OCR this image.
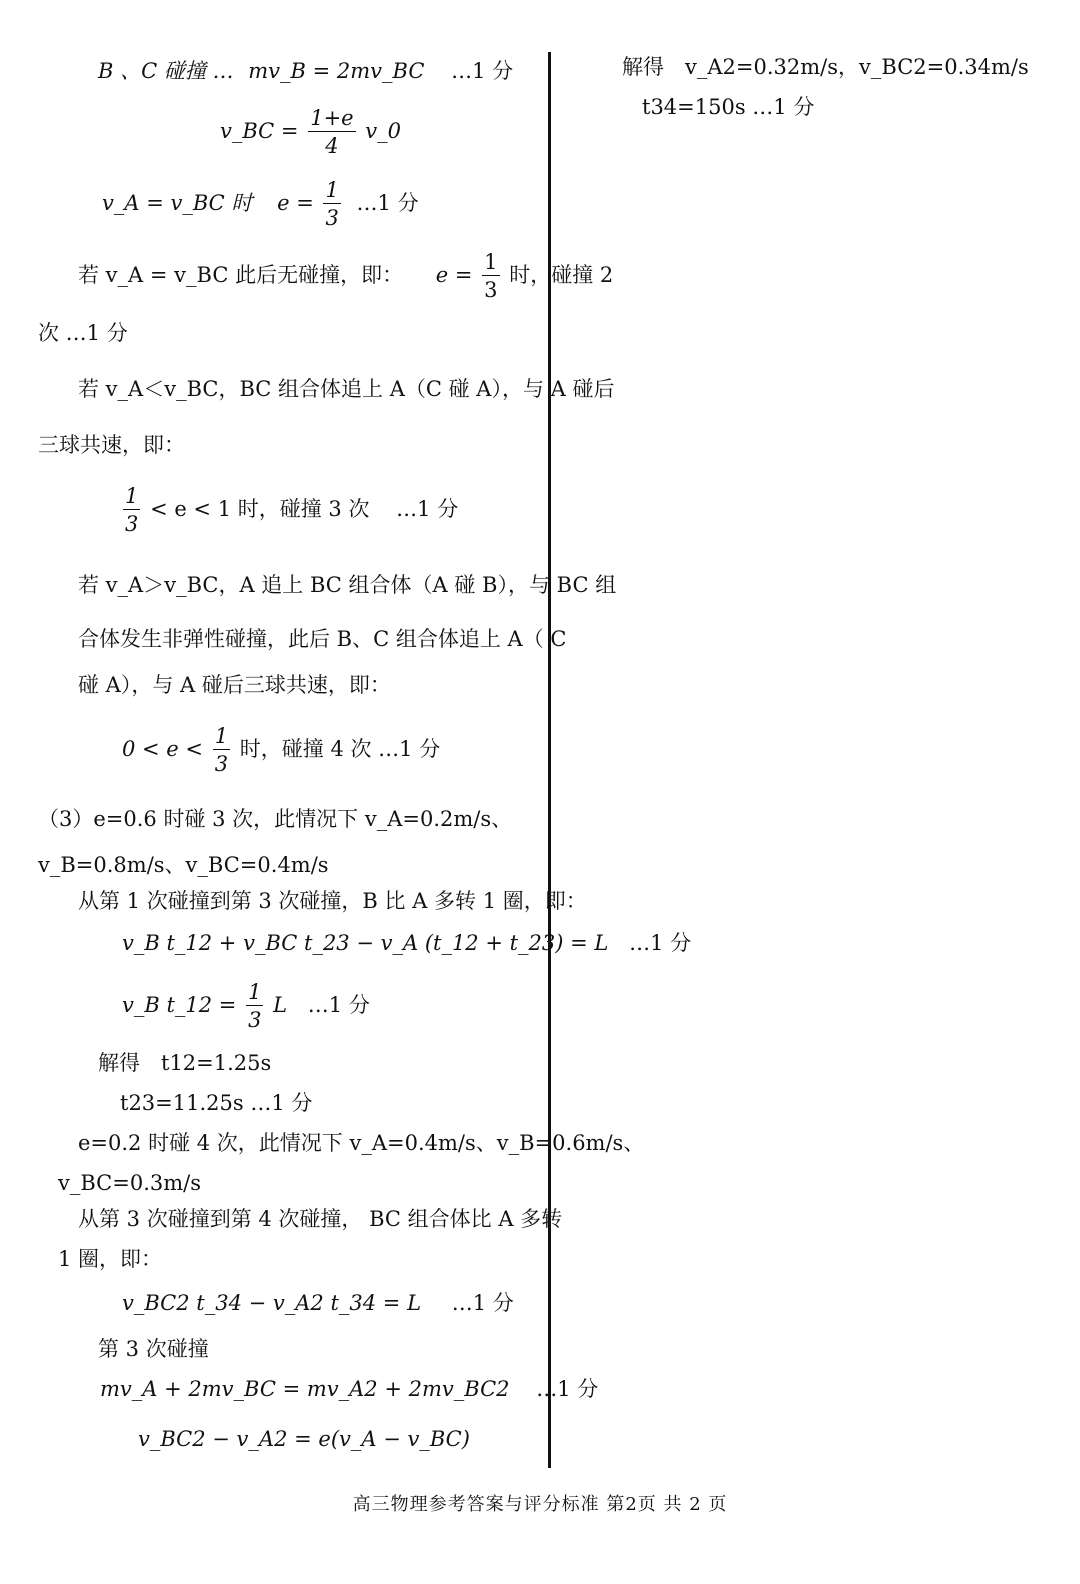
B 、C 碰撞 … mv_B = 2mv_BC …1 分
v_BC = $\frac{1+e}{4}$ v_0
v_A = v_BC 时 $e = \frac{1}{3}$ …1 分
若 v_A = v_BC 此后无碰撞，即： $e = \frac{1}{3}$ 时，碰撞 2
次 …1 分
若 v_A＜v_BC，BC 组合体追上 A（C 碰 A），与 A 碰后
三球共速，即：
$\frac{1}{3} < e < 1$ 时，碰撞 3 次 …1 分
若 v_A＞v_BC，A 追上 BC 组合体（A 碰 B），与 BC 组
合体发生非弹性碰撞，此后 B、C 组合体追上 A（ C
碰 A），与 A 碰后三球共速，即：
$0 < e < \frac{1}{3}$ 时，碰撞 4 次 …1 分
（3）e=0.6 时碰 3 次，此情况下 v_A=0.2m/s、
v_B=0.8m/s、v_BC=0.4m/s
从第 1 次碰撞到第 3 次碰撞，B 比 A 多转 1 圈，即：
v_B t_12 + v_BC t_23 − v_A (t_12 + t_23) = L …1 分
v_B t_12 = $\frac{1}{3}$ L …1 分
解得　t12=1.25s
t23=11.25s …1 分
e=0.2 时碰 4 次，此情况下 v_A=0.4m/s、v_B=0.6m/s、
v_BC=0.3m/s
从第 3 次碰撞到第 4 次碰撞， BC 组合体比 A 多转
1 圈，即：
v_BC2 t_34 − v_A2 t_34 = L …1 分
第 3 次碰撞
mv_A + 2mv_BC = mv_A2 + 2mv_BC2 …1 分
v_BC2 − v_A2 = e(v_A − v_BC)
解得　v_A2=0.32m/s，v_BC2=0.34m/s
t34=150s …1 分
高三物理参考答案与评分标准 第2页 共 2 页
